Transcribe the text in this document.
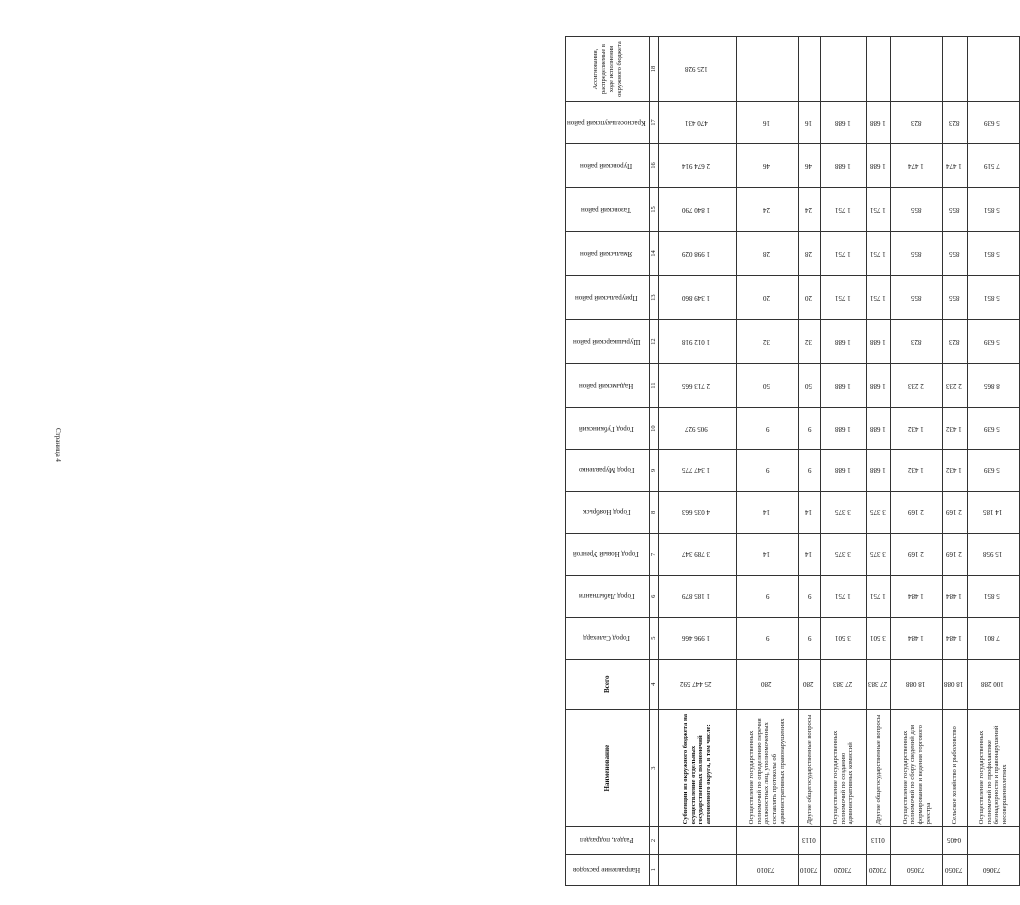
Страница 4
Направление расходов	Раздел, подраздел	Наименование	Всего	Город Салехард	Город Лабытнанги	Город Новый Уренгой	Город Ноябрьск	Город Муравленко	Город Губкинский	Надымский район	Шурышкарский район	Приуральский район	Ямальский район	Тазовский район	Пуровский район	Красноселькупский район	Ассигнования, распределяемые в ходе исполнения окружного бюджета
1	2	3	4	5	6	7	8	9	10	11	12	13	14	15	16	17	18
		Субвенции из окружного бюджета на осуществление отдельных государственных полномочий автономного округа, в том числе:	25 447 592	1 996 466	1 185 879	3 789 347	4 035 663	1 347 775	905 927	2 713 665	1 012 918	1 349 860	1 998 029	1 840 790	2 674 914	470 431	125 928
73010		Осуществление государственных полномочий по определению перечня должностных лиц, уполномоченных составлять протоколы об административных правонарушениях	280	9	9	14	14	9	9	50	32	20	28	24	46	16	
73010	0113	Другие общегосударственные вопросы	280	9	9	14	14	9	9	50	32	20	28	24	46	16	
73020		Осуществление государственных полномочий по созданию административных комиссий	27 383	3 501	1 751	3 375	3 375	1 688	1 688	1 688	1 688	1 751	1 751	1 751	1 688	1 688	
73020	0113	Другие общегосударственные вопросы	27 383	3 501	1 751	3 375	3 375	1 688	1 688	1 688	1 688	1 751	1 751	1 751	1 688	1 688	
73050		Осуществление государственных полномочий по сбору сведений для формирования и ведения торгового реестра	18 088	1 484	1 484	2 169	2 169	1 432	1 432	2 233	823	855	855	855	1 474	823	
73050	0405	Сельское хозяйство и рыболовство	18 088	1 484	1 484	2 169	2 169	1 432	1 432	2 233	823	855	855	855	1 474	823	
73060		Осуществление государственных полномочий по профилактике безнадзорности и правонарушений несовершеннолетних	100 288	7 801	5 851	15 958	14 185	5 639	5 639	8 865	5 639	5 851	5 851	5 851	7 519	5 639	
